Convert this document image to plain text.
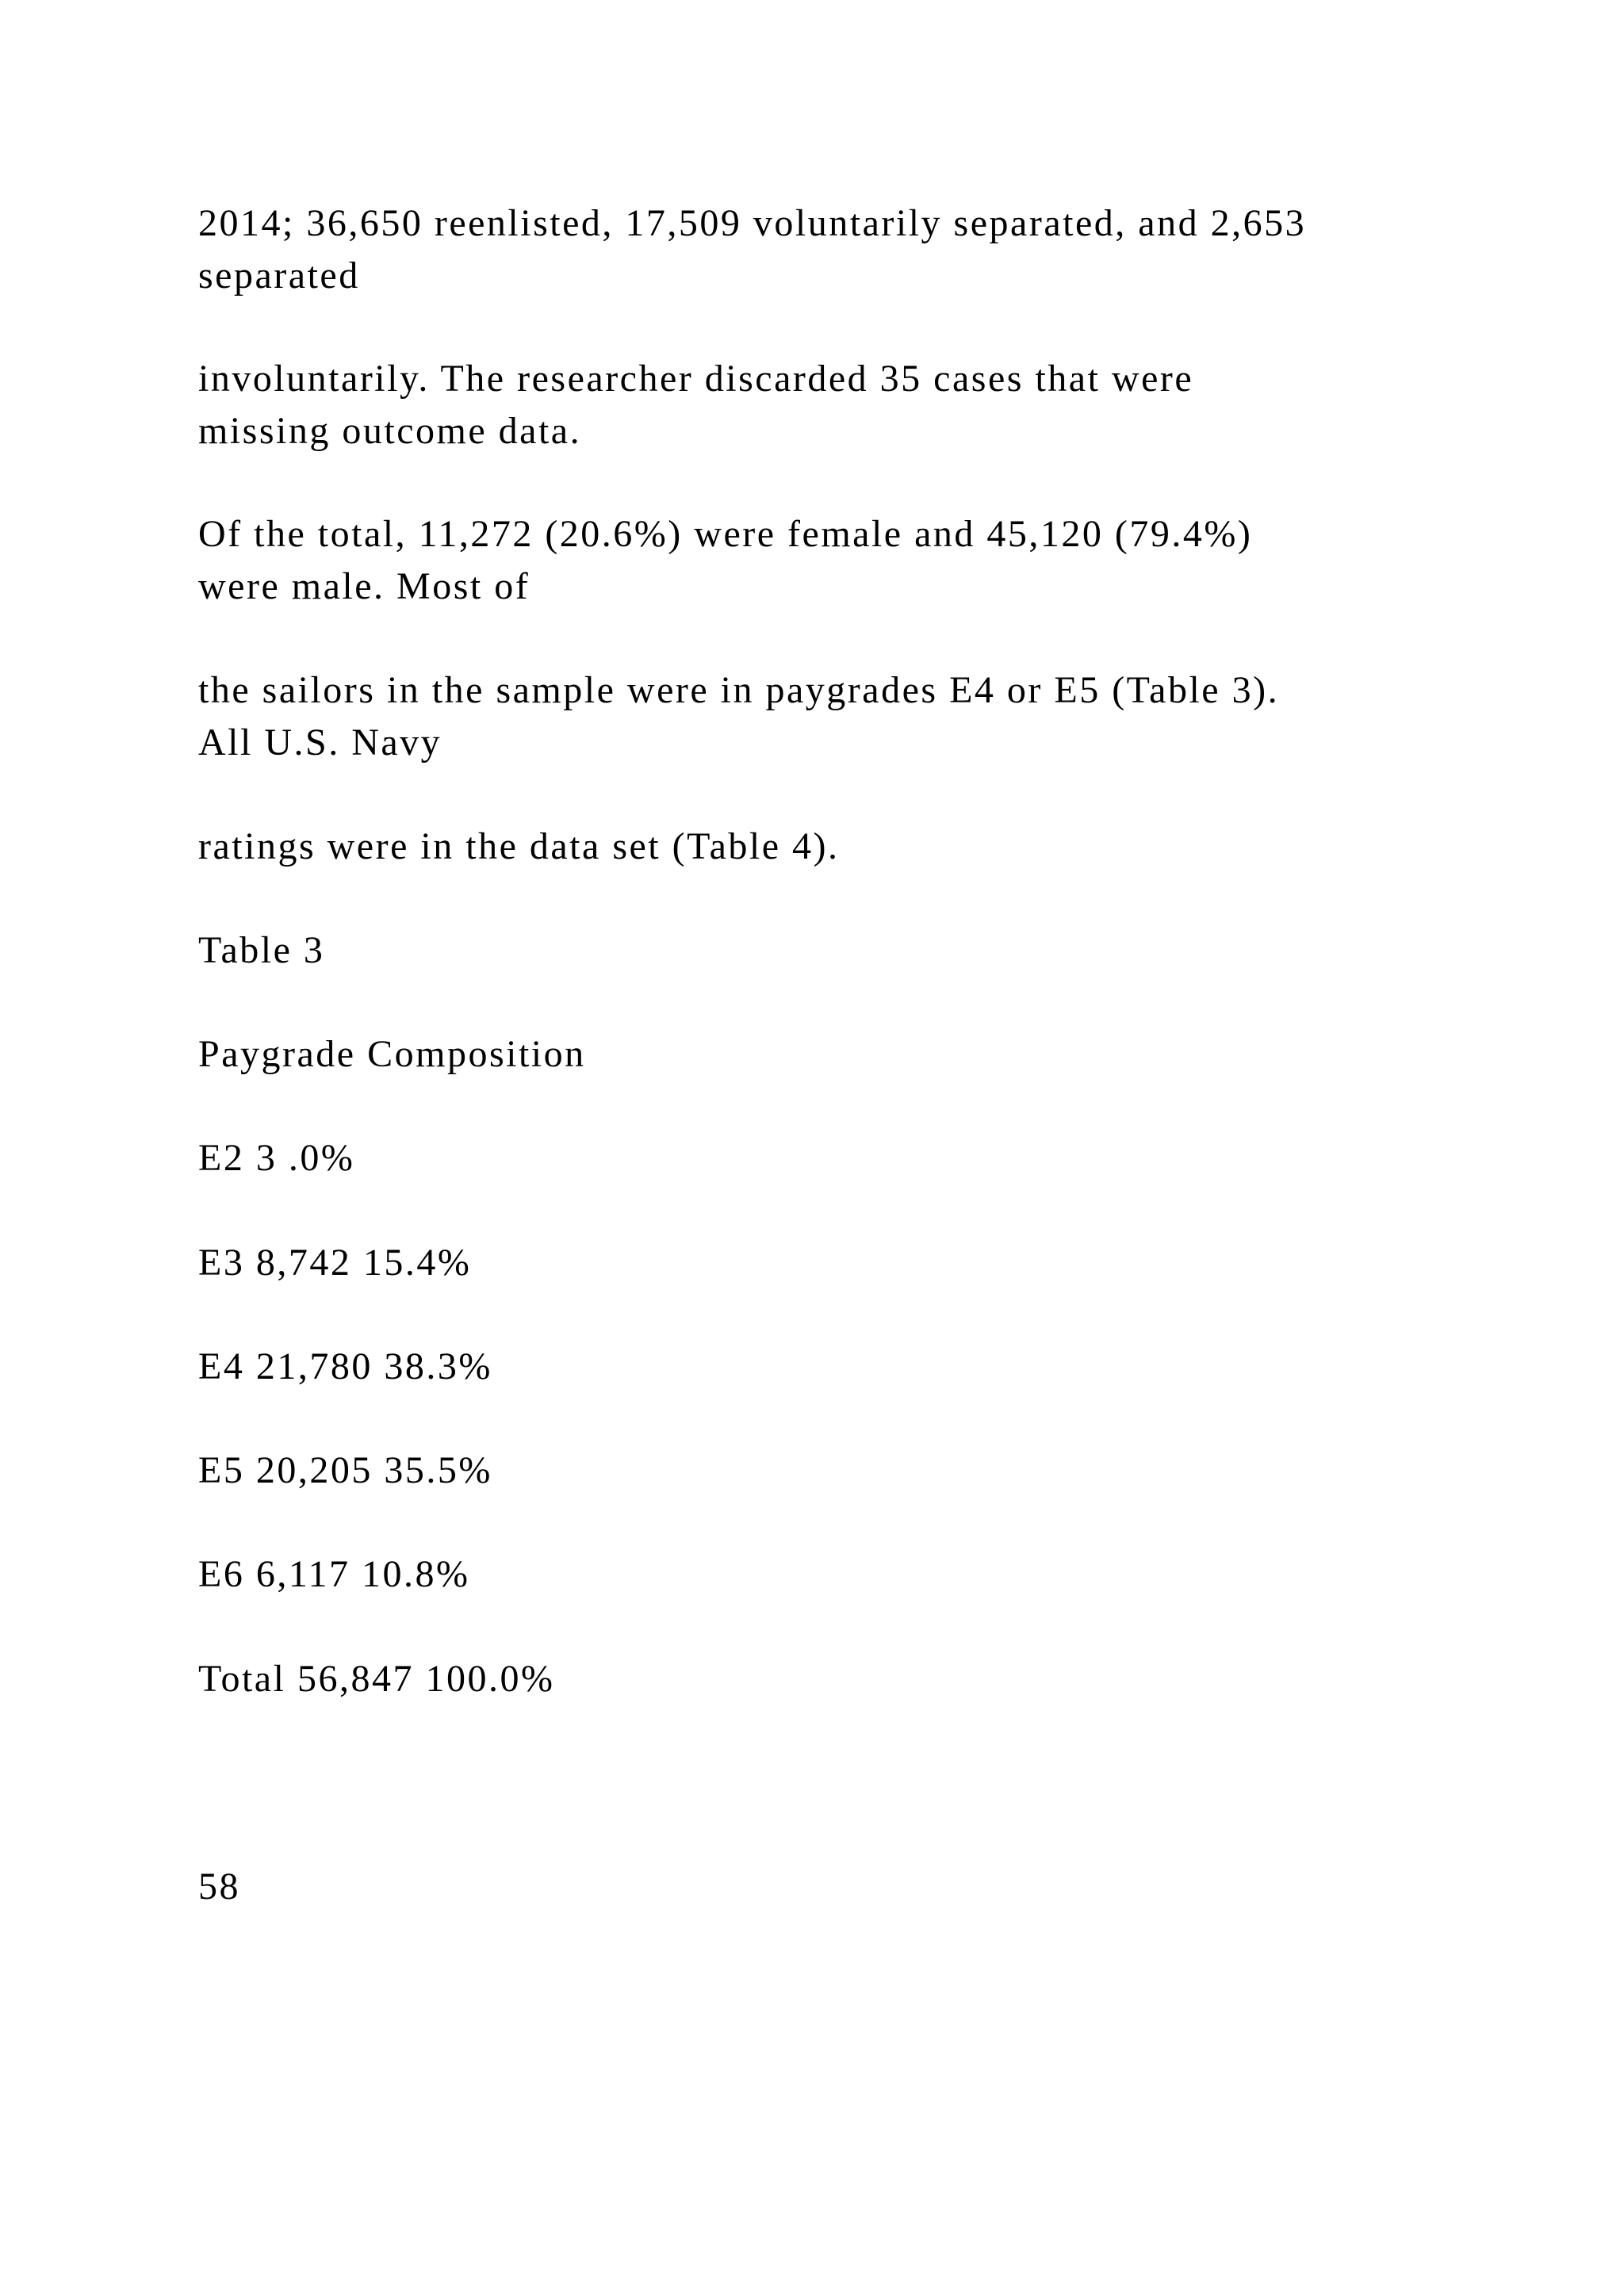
2014; 36,650 reenlisted, 17,509 voluntarily separated, and 2,653
separated
involuntarily. The researcher discarded 35 cases that were
missing outcome data.
Of the total, 11,272 (20.6%) were female and 45,120 (79.4%)
were male. Most of
the sailors in the sample were in paygrades E4 or E5 (Table 3).
All U.S. Navy
ratings were in the data set (Table 4).
Table 3
Paygrade Composition
E2 3 .0%
E3 8,742 15.4%
E4 21,780 38.3%
E5 20,205 35.5%
E6 6,117 10.8%
Total 56,847 100.0%
58
